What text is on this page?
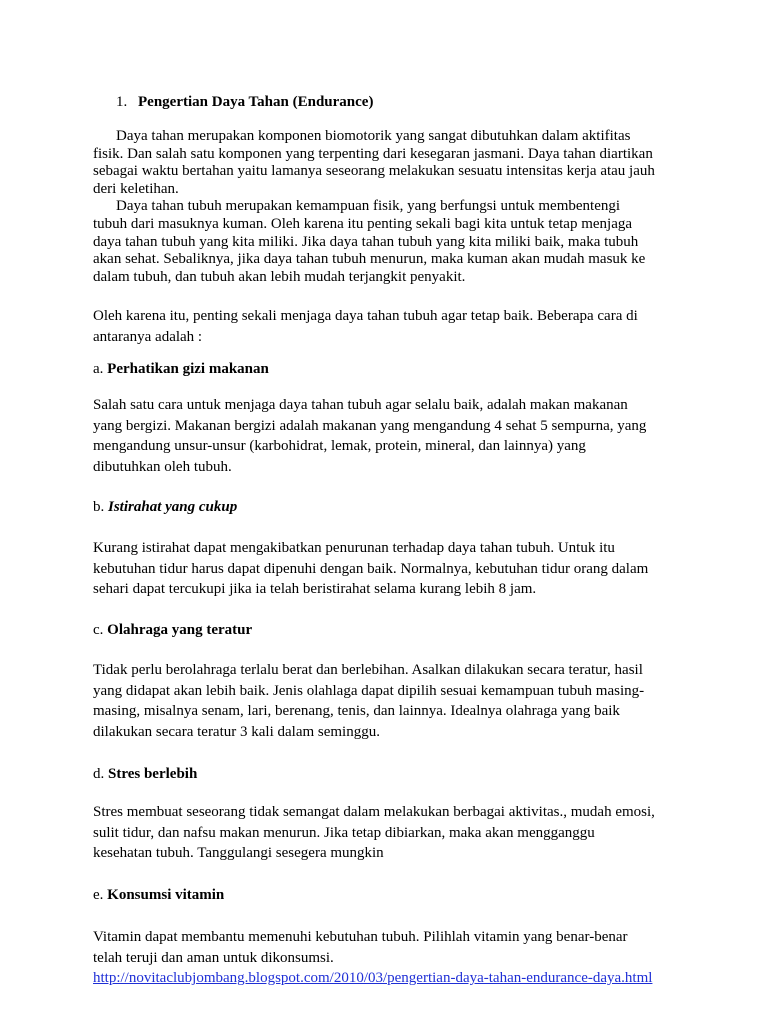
1. Pengertian Daya Tahan (Endurance)

Daya tahan merupakan komponen biomotorik yang sangat dibutuhkan dalam aktifitas
fisik. Dan salah satu komponen yang terpenting dari kesegaran jasmani. Daya tahan diartikan
sebagai waktu bertahan yaitu lamanya seseorang melakukan sesuatu intensitas kerja atau jauh
deri keletihan.

Daya tahan tubuh merupakan kemampuan fisik, yang berfungsi untuk membentengi
tubuh dari masuknya kuman. Oleh karena itu penting sekali bagi kita untuk tetap menjaga
daya tahan tubuh yang kita miliki. Jika daya tahan tubuh yang kita miliki baik, maka tubuh
akan sehat. Sebaliknya, jika daya tahan tubuh menurun, maka kuman akan mudah masuk ke
dalam tubuh, dan tubuh akan lebih mudah terjangkit penyakit.

Oleh karena itu, penting sekali menjaga daya tahan tubuh agar tetap baik. Beberapa cara di
antaranya adalah :
a. Perhatikan gizi makanan
Salah satu cara untuk menjaga daya tahan tubuh agar selalu baik, adalah makan makanan
yang bergizi. Makanan bergizi adalah makanan yang mengandung 4 sehat 5 sempurna, yang
mengandung unsur-unsur (karbohidrat, lemak, protein, mineral, dan lainnya) yang
dibutuhkan oleh tubuh.
b. Istirahat yang cukup
Kurang istirahat dapat mengakibatkan penurunan terhadap daya tahan tubuh. Untuk itu
kebutuhan tidur harus dapat dipenuhi dengan baik. Normalnya, kebutuhan tidur orang dalam
sehari dapat tercukupi jika ia telah beristirahat selama kurang lebih 8 jam.
c. Olahraga yang teratur
Tidak perlu berolahraga terlalu berat dan berlebihan. Asalkan dilakukan secara teratur, hasil
yang didapat akan lebih baik. Jenis olahlaga dapat dipilih sesuai kemampuan tubuh masing-
masing, misalnya senam, lari, berenang, tenis, dan lainnya. Idealnya olahraga yang baik
dilakukan secara teratur 3 kali dalam seminggu.
d. Stres berlebih
Stres membuat seseorang tidak semangat dalam melakukan berbagai aktivitas., mudah emosi,
sulit tidur, dan nafsu makan menurun. Jika tetap dibiarkan, maka akan mengganggu
kesehatan tubuh. Tanggulangi sesegera mungkin
e. Konsumsi vitamin
Vitamin dapat membantu memenuhi kebutuhan tubuh. Pilihlah vitamin yang benar-benar
telah teruji dan aman untuk dikonsumsi.
http://novitaclubjombang.blogspot.com/2010/03/pengertian-daya-tahan-endurance-daya.html
